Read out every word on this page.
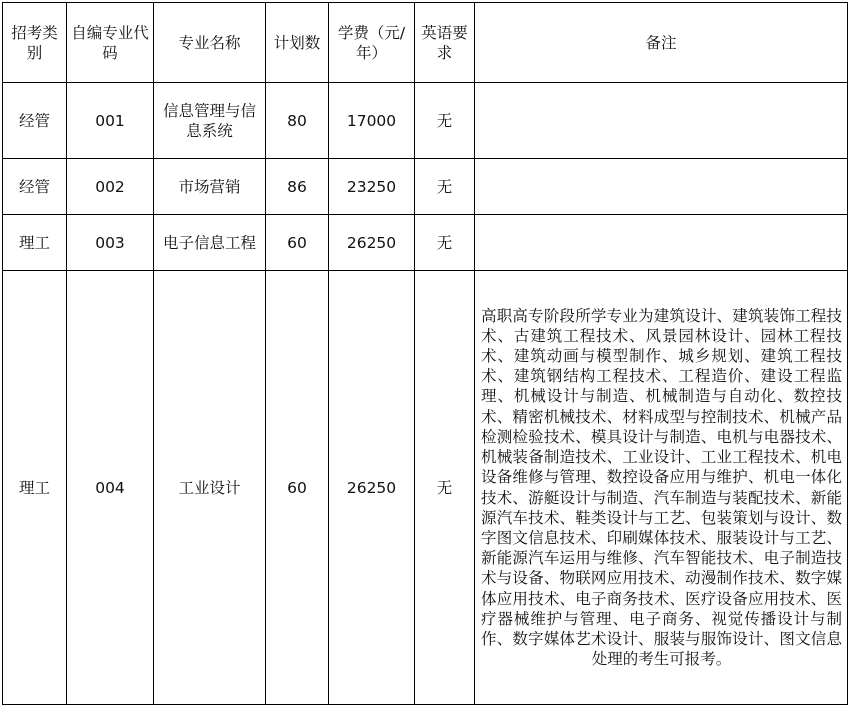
招考类别	自编专业代码	专业名称	计划数	学费（元/年）	英语要求	备注
经管	001	信息管理与信息系统	80	17000	无	
经管	002	市场营销	86	23250	无	
理工	003	电子信息工程	60	26250	无	
理工	004	工业设计	60	26250	无	高职高专阶段所学专业为建筑设计、建筑装饰工程技术、古建筑工程技术、风景园林设计、园林工程技术、建筑动画与模型制作、城乡规划、建筑工程技术、建筑钢结构工程技术、工程造价、建设工程监理、机械设计与制造、机械制造与自动化、数控技术、精密机械技术、材料成型与控制技术、机械产品检测检验技术、模具设计与制造、电机与电器技术、机械装备制造技术、工业设计、工业工程技术、机电设备维修与管理、数控设备应用与维护、机电一体化技术、游艇设计与制造、汽车制造与装配技术、新能源汽车技术、鞋类设计与工艺、包装策划与设计、数字图文信息技术、印刷媒体技术、服装设计与工艺、新能源汽车运用与维修、汽车智能技术、电子制造技术与设备、物联网应用技术、动漫制作技术、数字媒体应用技术、电子商务技术、医疗设备应用技术、医疗器械维护与管理、电子商务、视觉传播设计与制作、数字媒体艺术设计、服装与服饰设计、图文信息处理的考生可报考。
